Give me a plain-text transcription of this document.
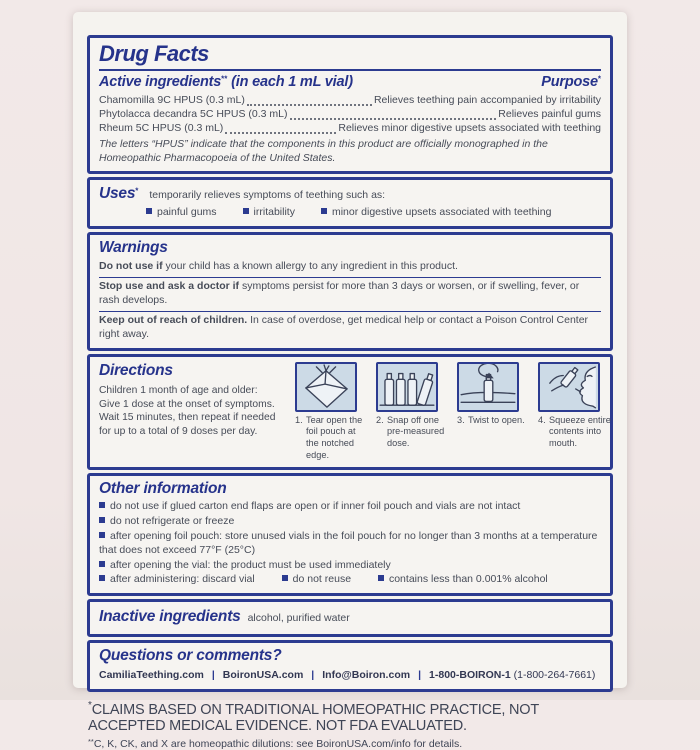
Drug Facts
Active ingredients** (in each 1 mL vial)	Purpose*
Chamomilla 9C HPUS (0.3 mL)	Relieves teething pain accompanied by irritability
Phytolacca decandra 5C HPUS (0.3 mL)	Relieves painful gums
Rheum 5C HPUS (0.3 mL)	Relieves minor digestive upsets associated with teething

The letters “HPUS” indicate that the components in this product are officially monographed in the Homeopathic Pharmacopoeia of the United States.

Uses* temporarily relieves symptoms of teething such as:
painful gums	irritability	minor digestive upsets associated with teething
Warnings
Do not use if your child has a known allergy to any ingredient in this product.
Stop use and ask a doctor if symptoms persist for more than 3 days or worsen, or if swelling, fever, or rash develops.
Keep out of reach of children. In case of overdose, get medical help or contact a Poison Control Center right away.
Directions
Children 1 month of age and older:
Give 1 dose at the onset of symptoms.
Wait 15 minutes, then repeat if needed
for up to a total of 9 doses per day.
1. Tear open the foil pouch at the notched edge.
2. Snap off one pre-measured dose.
3. Twist to open.	4. Squeeze entire contents into mouth.
Other information
do not use if glued carton end flaps are open or if inner foil pouch and vials are not intact
do not refrigerate or freeze
after opening foil pouch: store unused vials in the foil pouch for no longer than 3 months at a temperature that does not exceed 77°F (25°C)
after opening the vial: the product must be used immediately
after administering: discard vial	do not reuse	contains less than 0.001% alcohol
Inactive ingredients alcohol, purified water
Questions or comments?
CamiliaTeething.com | BoironUSA.com | Info@Boiron.com | 1-800-BOIRON-1 (1-800-264-7661)

*CLAIMS BASED ON TRADITIONAL HOMEOPATHIC PRACTICE, NOT ACCEPTED MEDICAL EVIDENCE. NOT FDA EVALUATED.

**C, K, CK, and X are homeopathic dilutions: see BoironUSA.com/info for details.
